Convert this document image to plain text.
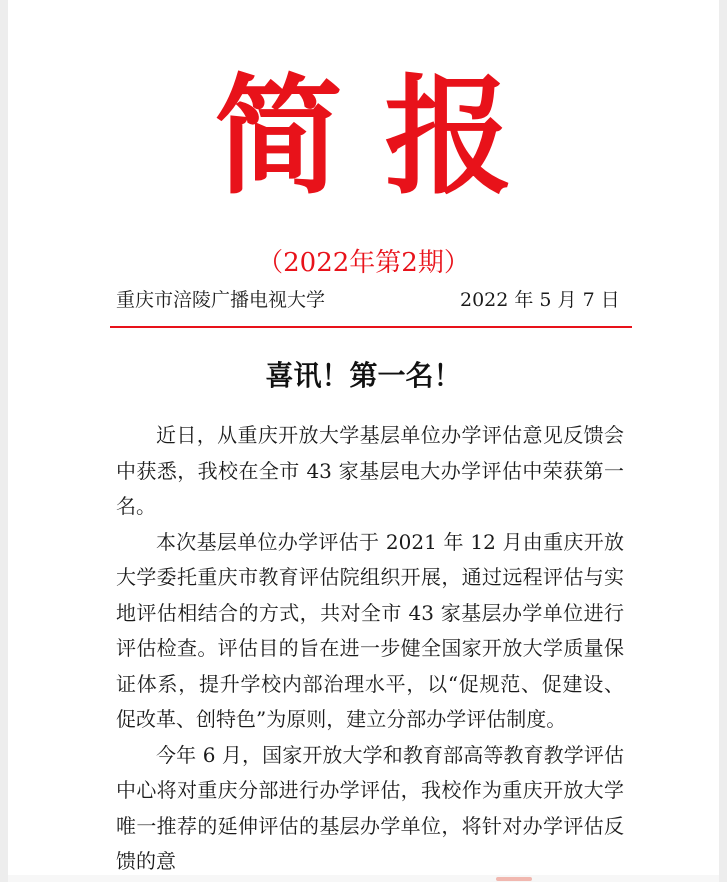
简报
（2022年第2期）
重庆市涪陵广播电视大学	2022 年 5 月 7 日
喜讯！第一名！

近日，从重庆开放大学基层单位办学评估意见反馈会中获悉，我校在全市 43 家基层电大办学评估中荣获第一名。

本次基层单位办学评估于 2021 年 12 月由重庆开放大学委托重庆市教育评估院组织开展，通过远程评估与实地评估相结合的方式，共对全市 43 家基层办学单位进行评估检查。评估目的旨在进一步健全国家开放大学质量保证体系，提升学校内部治理水平，以“促规范、促建设、促改革、创特色”为原则，建立分部办学评估制度。

今年 6 月，国家开放大学和教育部高等教育教学评估中心将对重庆分部进行办学评估，我校作为重庆开放大学唯一推荐的延伸评估的基层办学单位，将针对办学评估反馈的意
